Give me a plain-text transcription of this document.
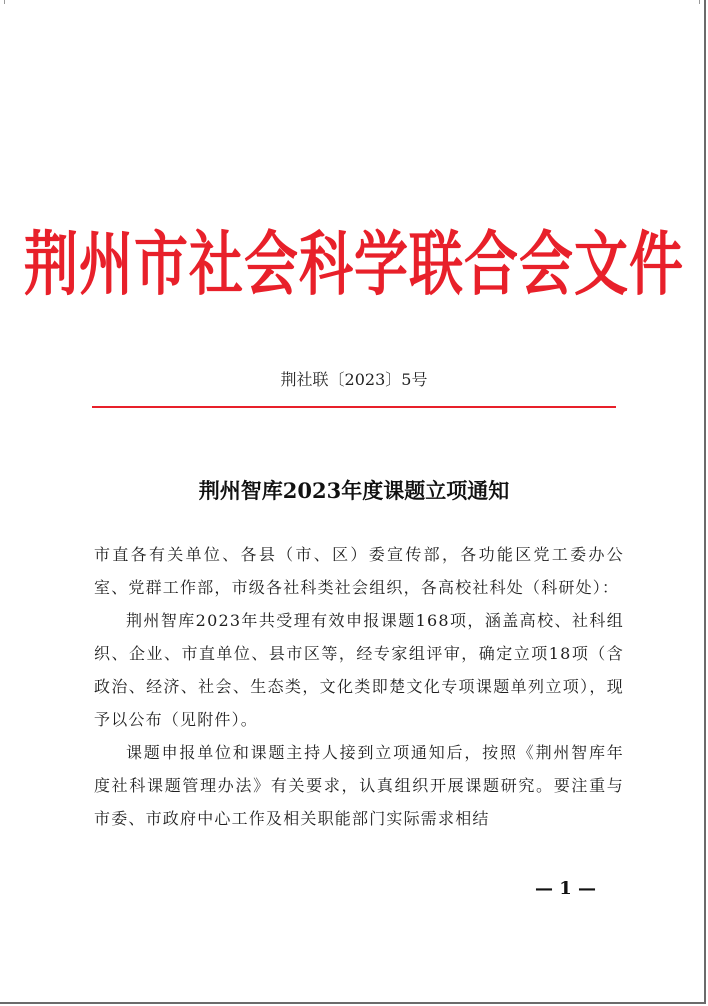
荆州市社会科学联合会文件
荆社联〔2023〕5号
荆州智库2023年度课题立项通知

市直各有关单位、各县（市、区）委宣传部，各功能区党工委办公室、党群工作部，市级各社科类社会组织，各高校社科处（科研处）：

荆州智库2023年共受理有效申报课题168项，涵盖高校、社科组织、企业、市直单位、县市区等，经专家组评审，确定立项18项（含政治、经济、社会、生态类，文化类即楚文化专项课题单列立项），现予以公布（见附件）。

课题申报单位和课题主持人接到立项通知后，按照《荆州智库年度社科课题管理办法》有关要求，认真组织开展课题研究。要注重与市委、市政府中心工作及相关职能部门实际需求相结

— 1 —
